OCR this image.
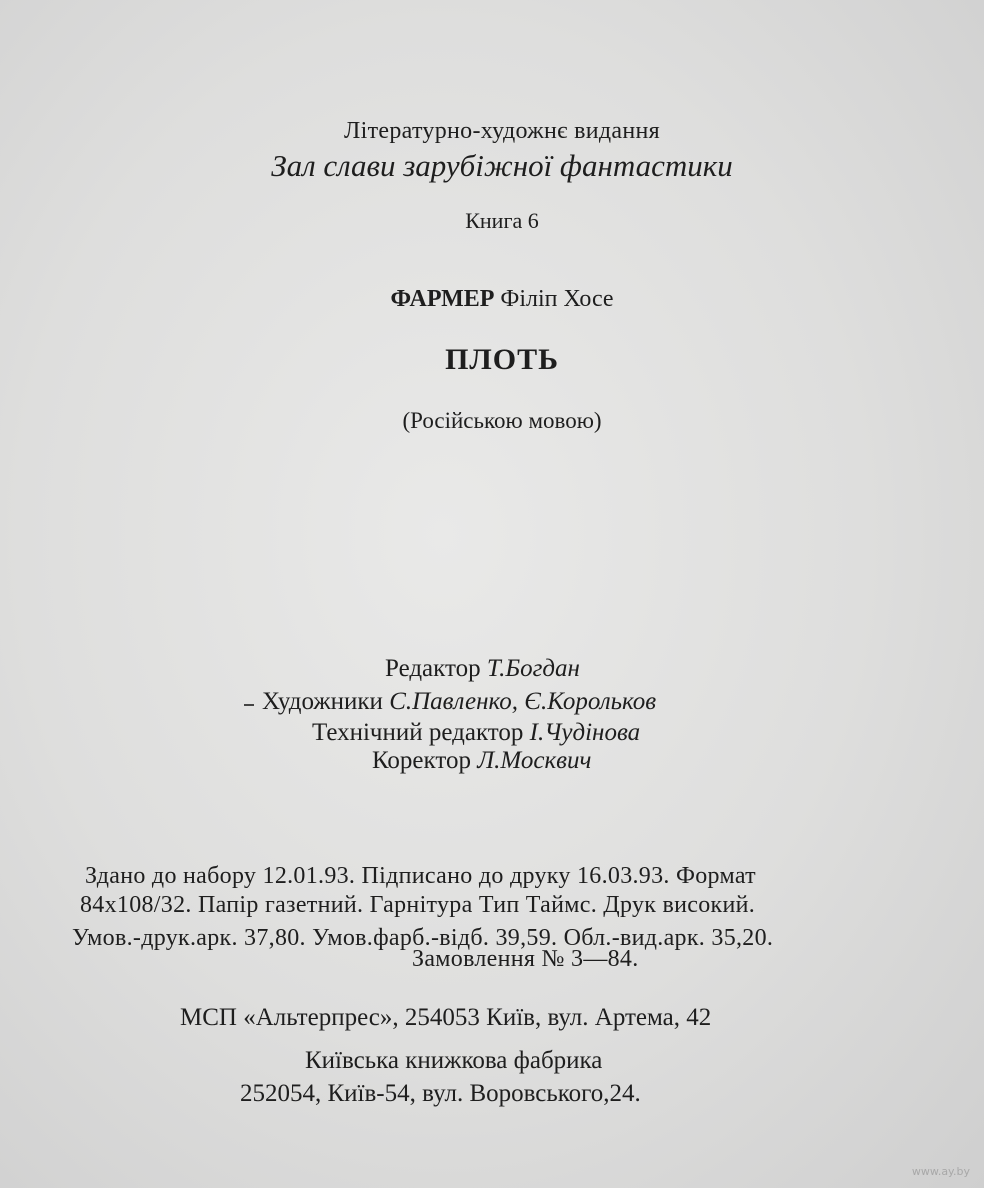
Літературно-художнє видання
Зал слави зарубіжної фантастики
Книга 6
ФАРМЕР Філіп Хосе
ПЛОТЬ
(Російською мовою)
Редактор Т.Богдан
Художники С.Павленко, Є.Корольков
Технічний редактор І.Чудінова
Коректор Л.Москвич
Здано до набору 12.01.93. Підписано до друку 16.03.93. Формат
84x108/32. Папір газетний. Гарнітура Тип Таймс. Друк високий.
Умов.-друк.арк. 37,80. Умов.фарб.-відб. 39,59. Обл.-вид.арк. 35,20.
Замовлення № 3—84.
МСП «Альтерпрес», 254053 Київ, вул. Артема, 42
Київська книжкова фабрика
252054, Київ-54, вул. Воровського,24.
www.ay.by
